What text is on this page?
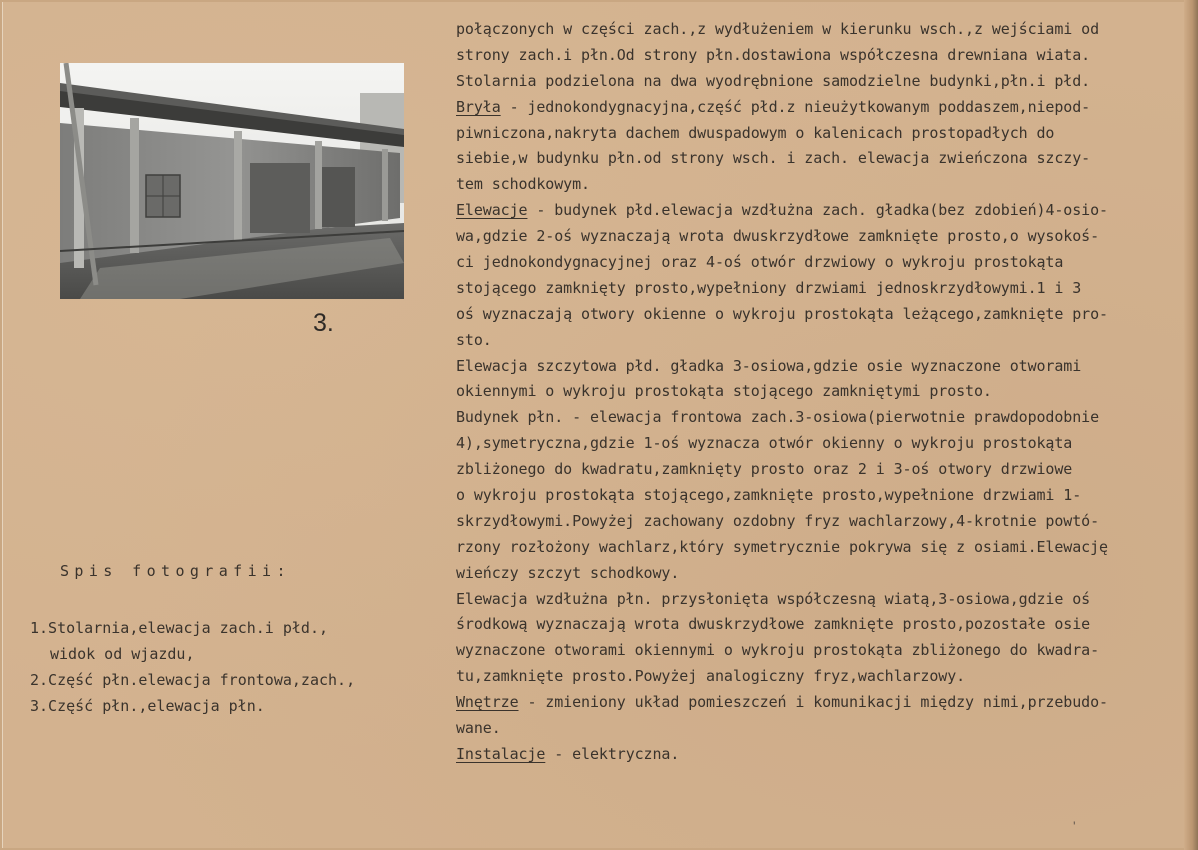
3.
połączonych w części zach.,z wydłużeniem w kierunku wsch.,z wejściami od
strony zach.i płn.Od strony płn.dostawiona współczesna drewniana wiata.
Stolarnia podzielona na dwa wyodrębnione samodzielne budynki,płn.i płd.
Bryła - jednokondygnacyjna,część płd.z nieużytkowanym poddaszem,niepod-
piwniczona,nakryta dachem dwuspadowym o kalenicach prostopadłych do
siebie,w budynku płn.od strony wsch. i zach. elewacja zwieńczona szczy-
tem schodkowym.
Elewacje - budynek płd.elewacja wzdłużna zach. gładka(bez zdobień)4-osio-
wa,gdzie 2-oś wyznaczają wrota dwuskrzydłowe zamknięte prosto,o wysokoś-
ci jednokondygnacyjnej oraz 4-oś otwór drzwiowy o wykroju prostokąta
stojącego zamknięty prosto,wypełniony drzwiami jednoskrzydłowymi.1 i 3
oś wyznaczają otwory okienne o wykroju prostokąta leżącego,zamknięte pro-
sto.
Elewacja szczytowa płd. gładka 3-osiowa,gdzie osie wyznaczone otworami
okiennymi o wykroju prostokąta stojącego zamkniętymi prosto.
Budynek płn. - elewacja frontowa zach.3-osiowa(pierwotnie prawdopodobnie
4),symetryczna,gdzie 1-oś wyznacza otwór okienny o wykroju prostokąta
zbliżonego do kwadratu,zamknięty prosto oraz 2 i 3-oś otwory drzwiowe
o wykroju prostokąta stojącego,zamknięte prosto,wypełnione drzwiami 1-
skrzydłowymi.Powyżej zachowany ozdobny fryz wachlarzowy,4-krotnie powtó-
rzony rozłożony wachlarz,który symetrycznie pokrywa się z osiami.Elewację
wieńczy szczyt schodkowy.
Elewacja wzdłużna płn. przysłonięta współczesną wiatą,3-osiowa,gdzie oś
środkową wyznaczają wrota dwuskrzydłowe zamknięte prosto,pozostałe osie
wyznaczone otworami okiennymi o wykroju prostokąta zbliżonego do kwadra-
tu,zamknięte prosto.Powyżej analogiczny fryz,wachlarzowy.
Wnętrze - zmieniony układ pomieszczeń i komunikacji między nimi,przebudo-
wane.
Instalacje - elektryczna.
Spis fotografii:
1.Stolarnia,elewacja zach.i płd.,
widok od wjazdu,
2.Część płn.elewacja frontowa,zach.,
3.Część płn.,elewacja płn.
'
